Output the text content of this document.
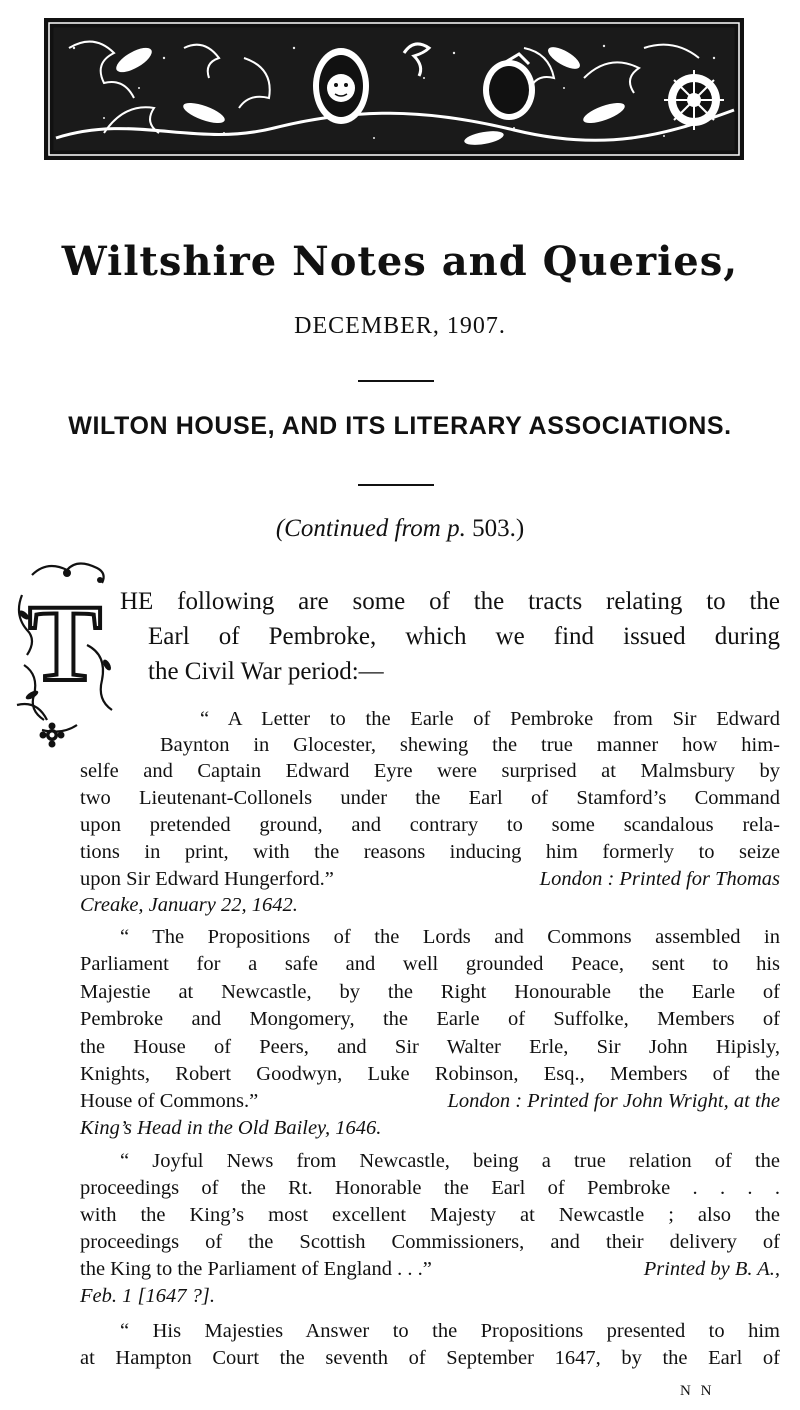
Wiltshire Notes and Queries,
DECEMBER, 1907.
WILTON HOUSE, AND ITS LITERARY ASSOCIATIONS.
(Continued from p. 503.)
T HE following are some of the tracts relating to the
Earl of Pembroke, which we find issued during
the Civil War period:—
“ A Letter to the Earle of Pembroke from Sir Edward
Baynton in Glocester, shewing the true manner how him-
selfe and Captain Edward Eyre were surprised at Malmsbury by
two Lieutenant-Collonels under the Earl of Stamford’s Command
upon pretended ground, and contrary to some scandalous rela-
tions in print, with the reasons inducing him formerly to seize
upon Sir Edward Hungerford.”	London : Printed for Thomas
Creake, January 22, 1642.
“ The Propositions of the Lords and Commons assembled in
Parliament for a safe and well grounded Peace, sent to his
Majestie at Newcastle, by the Right Honourable the Earle of
Pembroke and Mongomery, the Earle of Suffolke, Members of
the House of Peers, and Sir Walter Erle, Sir John Hipisly,
Knights, Robert Goodwyn, Luke Robinson, Esq., Members of the
House of Commons.”	London : Printed for John Wright, at the
King’s Head in the Old Bailey, 1646.
“ Joyful News from Newcastle, being a true relation of the
proceedings of the Rt. Honorable the Earl of Pembroke . . . .
with the King’s most excellent Majesty at Newcastle ; also the
proceedings of the Scottish Commissioners, and their delivery of
the King to the Parliament of England . . .”	Printed by B. A.,
Feb. 1 [1647 ?].
“ His Majesties Answer to the Propositions presented to him
at Hampton Court the seventh of September 1647, by the Earl of
N N
